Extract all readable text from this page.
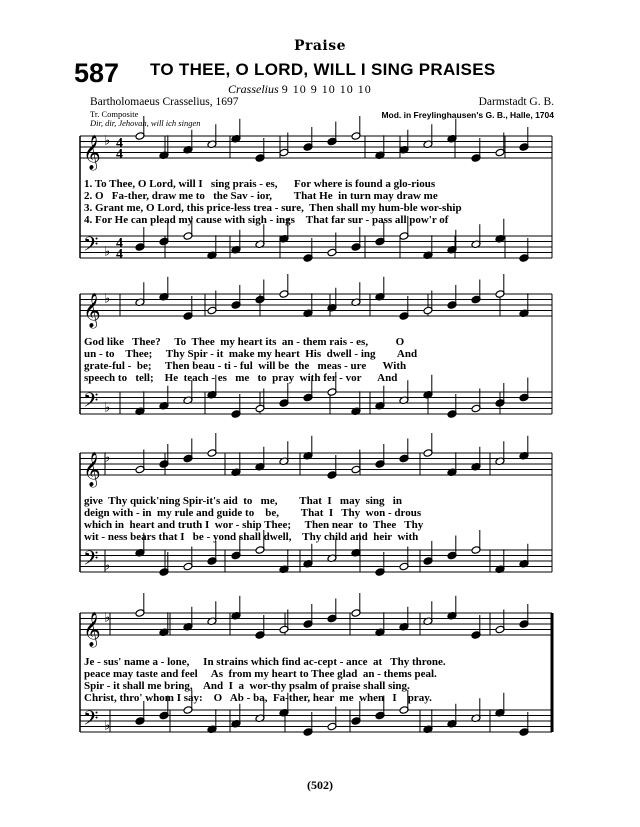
Praise
587 TO THEE, O LORD, WILL I SING PRAISES
Crasselius 9 10 9 10 10 10
Bartholomaeus Crasselius, 1697	Darmstadt G. B.
Tr. Composite
Dir, dir, Jehovah, will ich singen
Mod. in Freylinghausen's G. B., Halle, 1704
𝄞
𝄢
♭
♭
4
4
4
4
𝄞
𝄢
♭
♭
𝄞
𝄢
♭
♭
𝄞
𝄢
♭
♭
1. To Thee, O Lord, will I   sing prais - es,      For where is found a glo-rious
2. O   Fa-ther, draw me to   the Sav - ior,        That He  in turn may draw me
3. Grant me, O Lord, this price-less trea - sure,  Then shall my hum-ble wor-ship
4. For He can plead my cause with sigh - ings    That far sur - pass all pow'r of
God like   Thee?     To  Thee  my heart its  an - them rais - es,          O
un - to    Thee;     Thy Spir - it  make my heart  His  dwell - ing        And
grate-ful -  be;     Then beau - ti - ful  will be  the   meas - ure      With
speech to   tell;    He  teach - es   me   to  pray  with fer - vor      And
give  Thy quick'ning Spir-it's aid  to   me,        That  I   may  sing   in
deign with - in  my rule and guide to    be,        That  I   Thy  won - drous
which in  heart and truth I  wor - ship Thee;     Then near  to  Thee   Thy
wit - ness bears that I   be - yond shall dwell,    Thy child and  heir  with
Je - sus' name a - lone,     In strains which find ac-cept - ance  at   Thy throne.
peace may taste and feel     As  from my heart to Thee glad  an - thems peal.
Spir - it shall me bring,    And  I  a  wor-thy psalm of praise shall sing.
Christ, thro' whom I say:    O   Ab - ba,  Fa-ther, hear  me  when   I    pray.
(502)
